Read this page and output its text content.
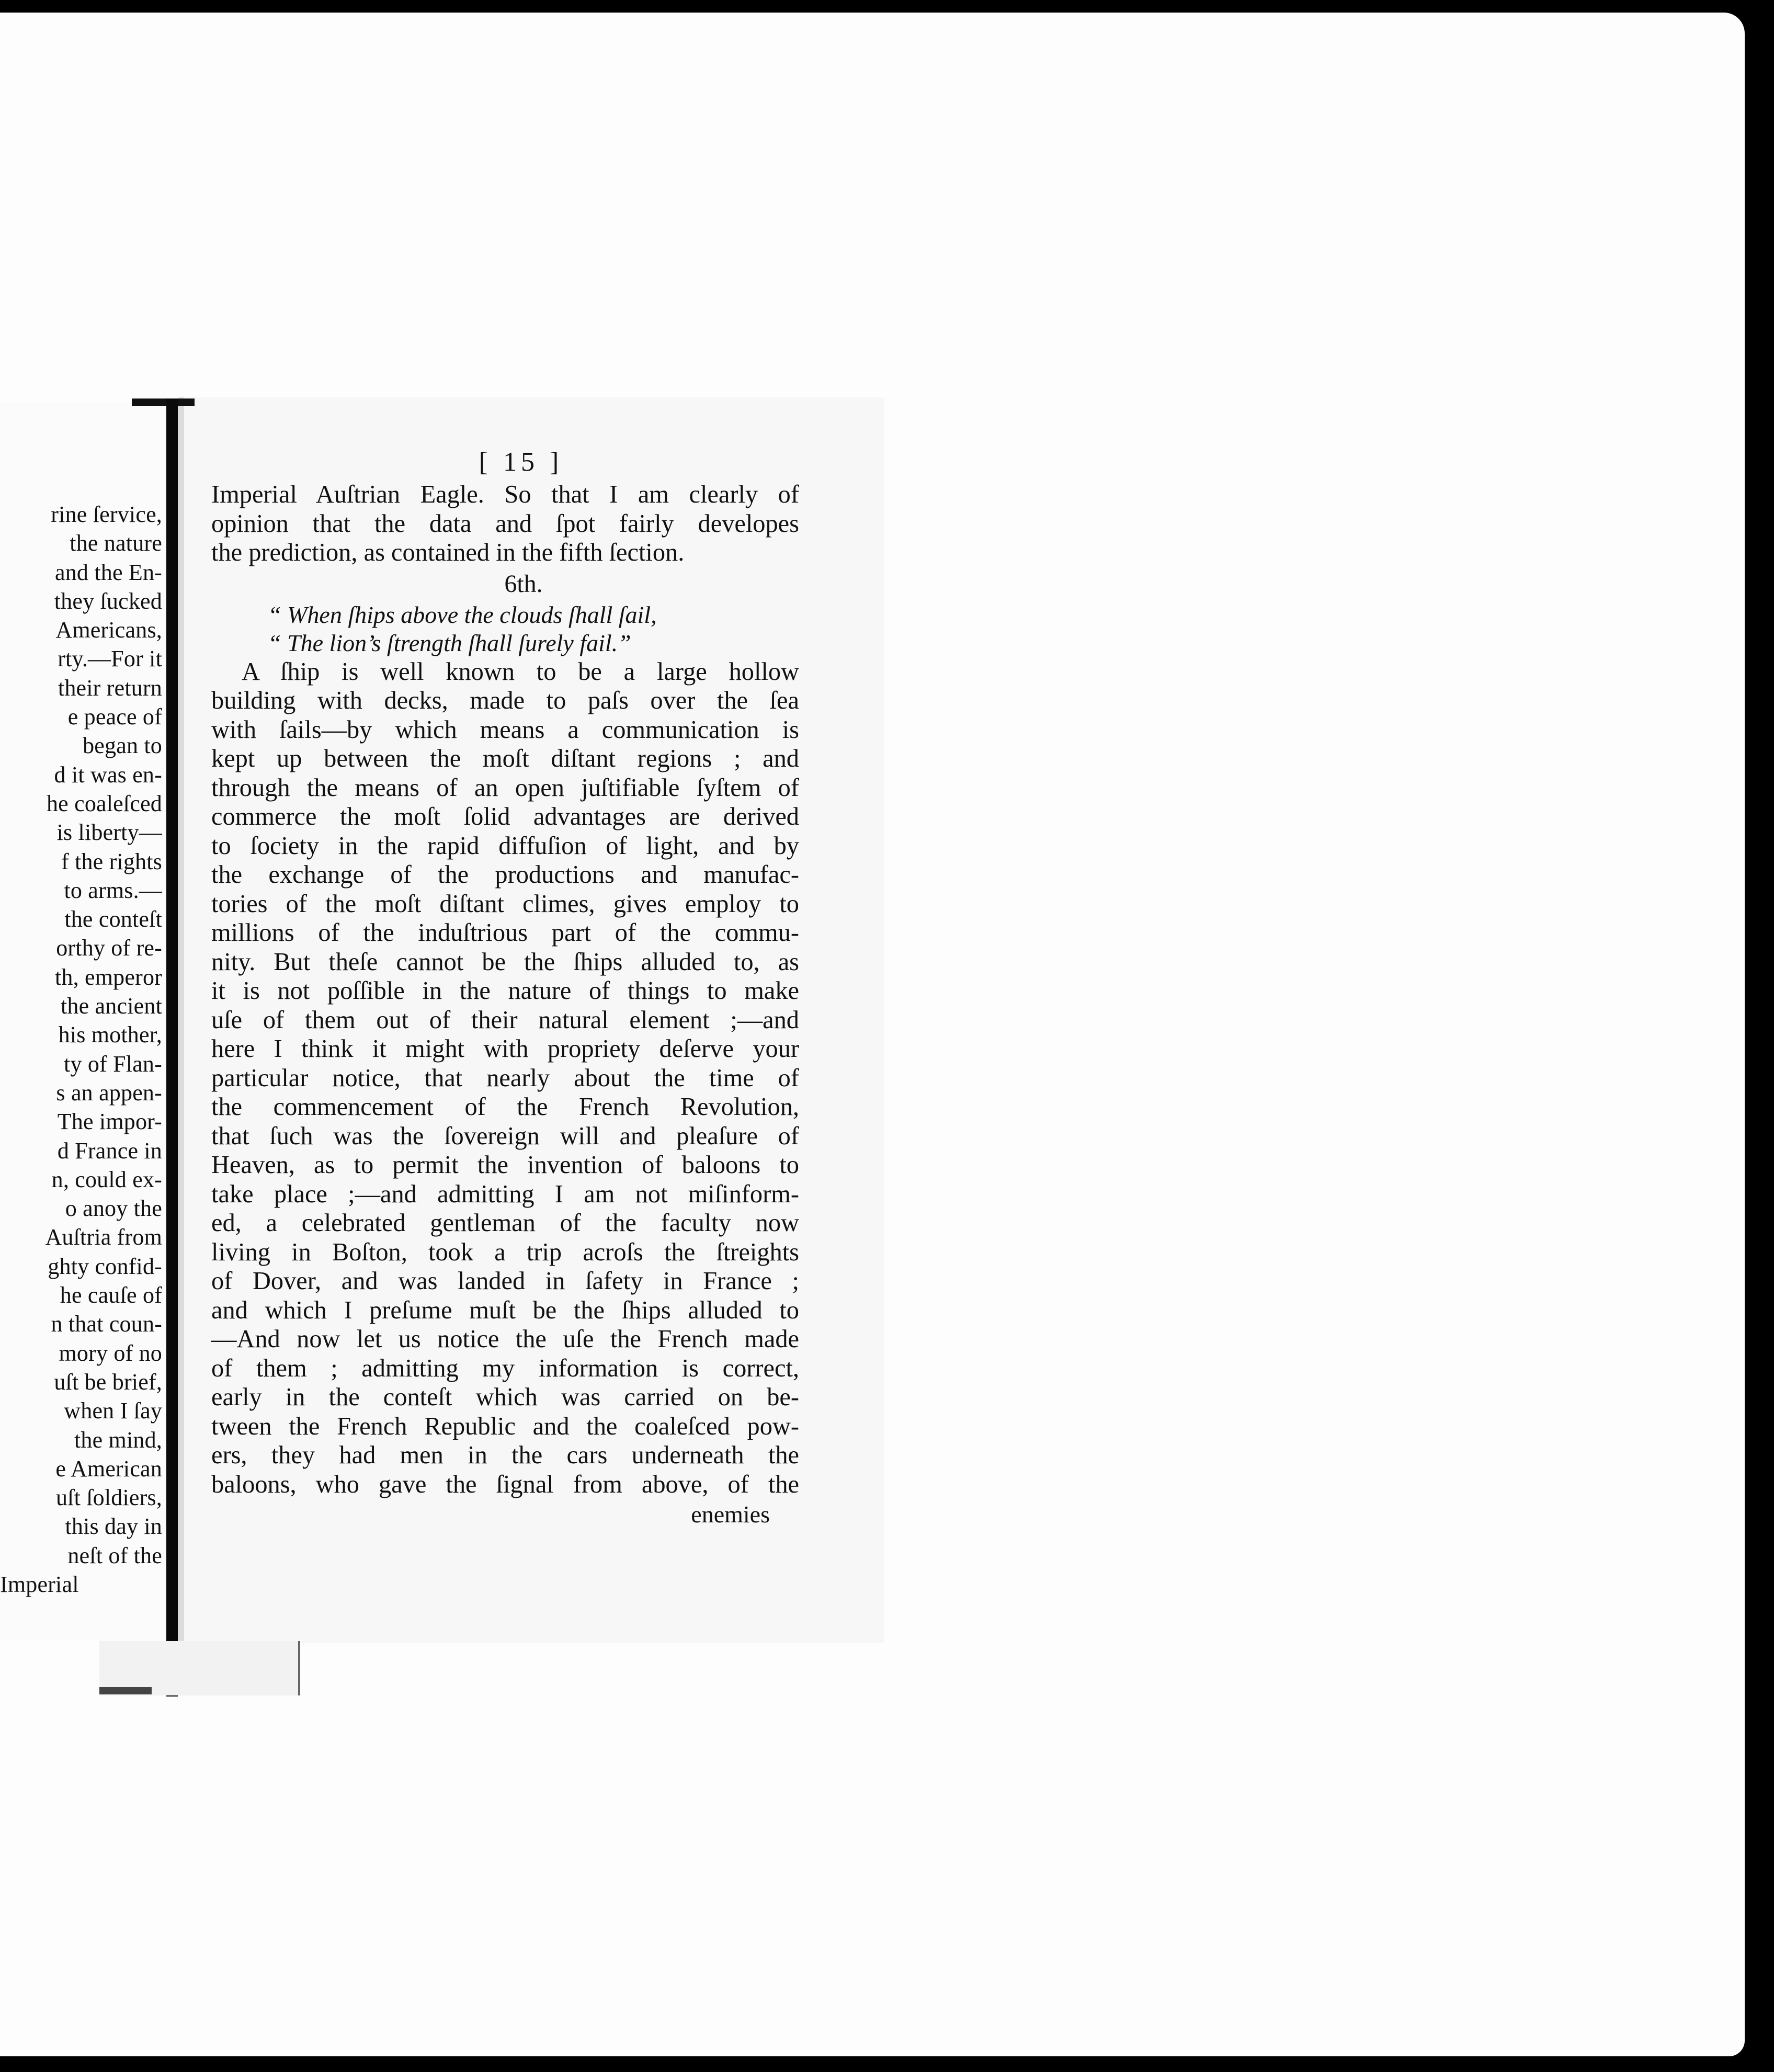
rine ſervice,
the nature
and the En-
they ſucked
Americans,
rty.—For it
their return
e peace of
began to
d it was en-
he coaleſced
is liberty—
f the rights
to arms.—
the conteſt
orthy of re-
th, emperor
the ancient
his mother,
ty of Flan-
s an appen-
The impor-
d France in
n, could ex-
o anoy the
Auſtria from
ghty confid-
he cauſe of
n that coun-
mory of no
uſt be brief,
when I ſay
the mind,
e American
uſt ſoldiers,
this day in
neſt of the
Imperial
[ 15 ]
Imperial Auſtrian Eagle. So that I am clearly of
opinion that the data and ſpot fairly developes
the prediction, as contained in the fifth ſection.
6th.
“ When ſhips above the clouds ſhall ſail,
“ The lion’s ſtrength ſhall ſurely fail.”
A ſhip is well known to be a large hollow
building with decks, made to paſs over the ſea
with ſails—by which means a communication is
kept up between the moſt diſtant regions ; and
through the means of an open juſtifiable ſyſtem of
commerce the moſt ſolid advantages are derived
to ſociety in the rapid diffuſion of light, and by
the exchange of the productions and manufac-
tories of the moſt diſtant climes, gives employ to
millions of the induſtrious part of the commu-
nity. But theſe cannot be the ſhips alluded to, as
it is not poſſible in the nature of things to make
uſe of them out of their natural element ;—and
here I think it might with propriety deſerve your
particular notice, that nearly about the time of
the commencement of the French Revolution,
that ſuch was the ſovereign will and pleaſure of
Heaven, as to permit the invention of baloons to
take place ;—and admitting I am not miſinform-
ed, a celebrated gentleman of the faculty now
living in Boſton, took a trip acroſs the ſtreights
of Dover, and was landed in ſafety in France ;
and which I preſume muſt be the ſhips alluded to
—And now let us notice the uſe the French made
of them ; admitting my information is correct,
early in the conteſt which was carried on be-
tween the French Republic and the coaleſced pow-
ers, they had men in the cars underneath the
baloons, who gave the ſignal from above, of the
enemies
